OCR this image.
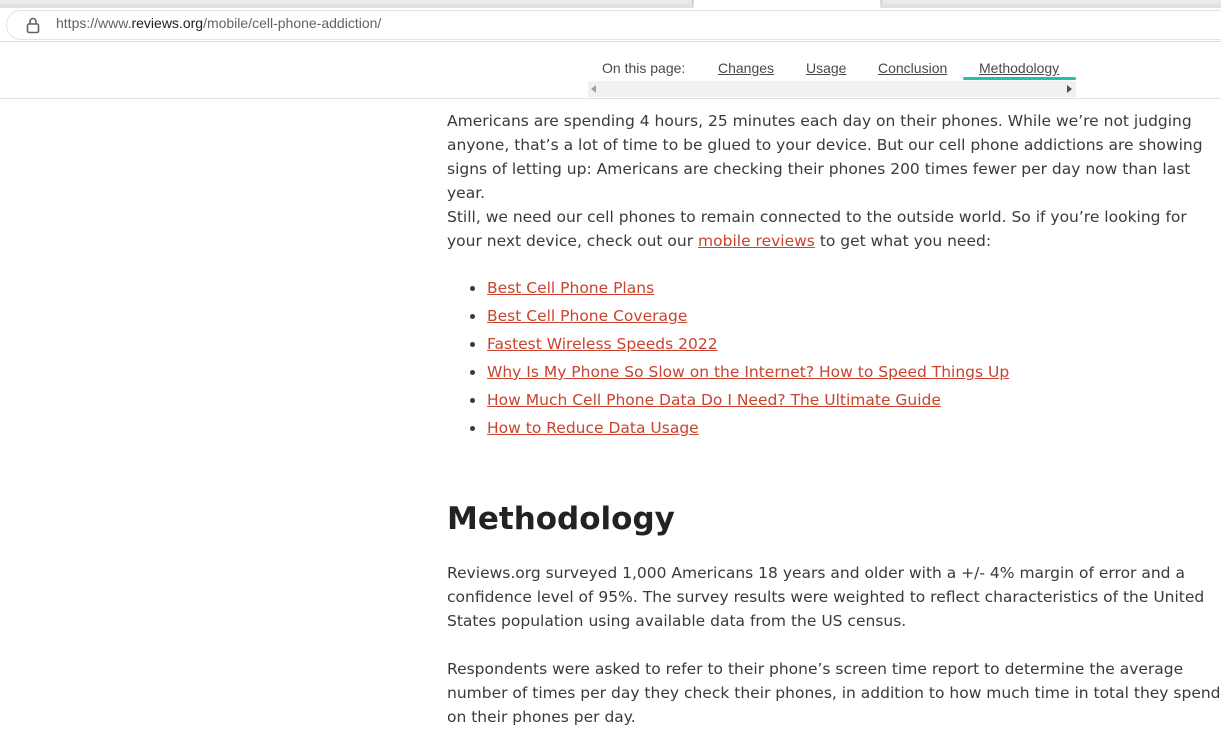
https://www.reviews.org/mobile/cell-phone-addiction/
On this page: Changes Usage Conclusion Methodology

Americans are spending 4 hours, 25 minutes each day on their phones. While we’re not judging anyone, that’s a lot of time to be glued to your device. But our cell phone addictions are showing signs of letting up: Americans are checking their phones 200 times fewer per day now than last year.

Still, we need our cell phones to remain connected to the outside world. So if you’re looking for your next device, check out our mobile reviews to get what you need:

Best Cell Phone Plans
Best Cell Phone Coverage
Fastest Wireless Speeds 2022
Why Is My Phone So Slow on the Internet? How to Speed Things Up
How Much Cell Phone Data Do I Need? The Ultimate Guide
How to Reduce Data Usage
Methodology

Reviews.org surveyed 1,000 Americans 18 years and older with a +/- 4% margin of error and a confidence level of 95%. The survey results were weighted to reflect characteristics of the United States population using available data from the US census.

Respondents were asked to refer to their phone’s screen time report to determine the average number of times per day they check their phones, in addition to how much time in total they spend on their phones per day.
